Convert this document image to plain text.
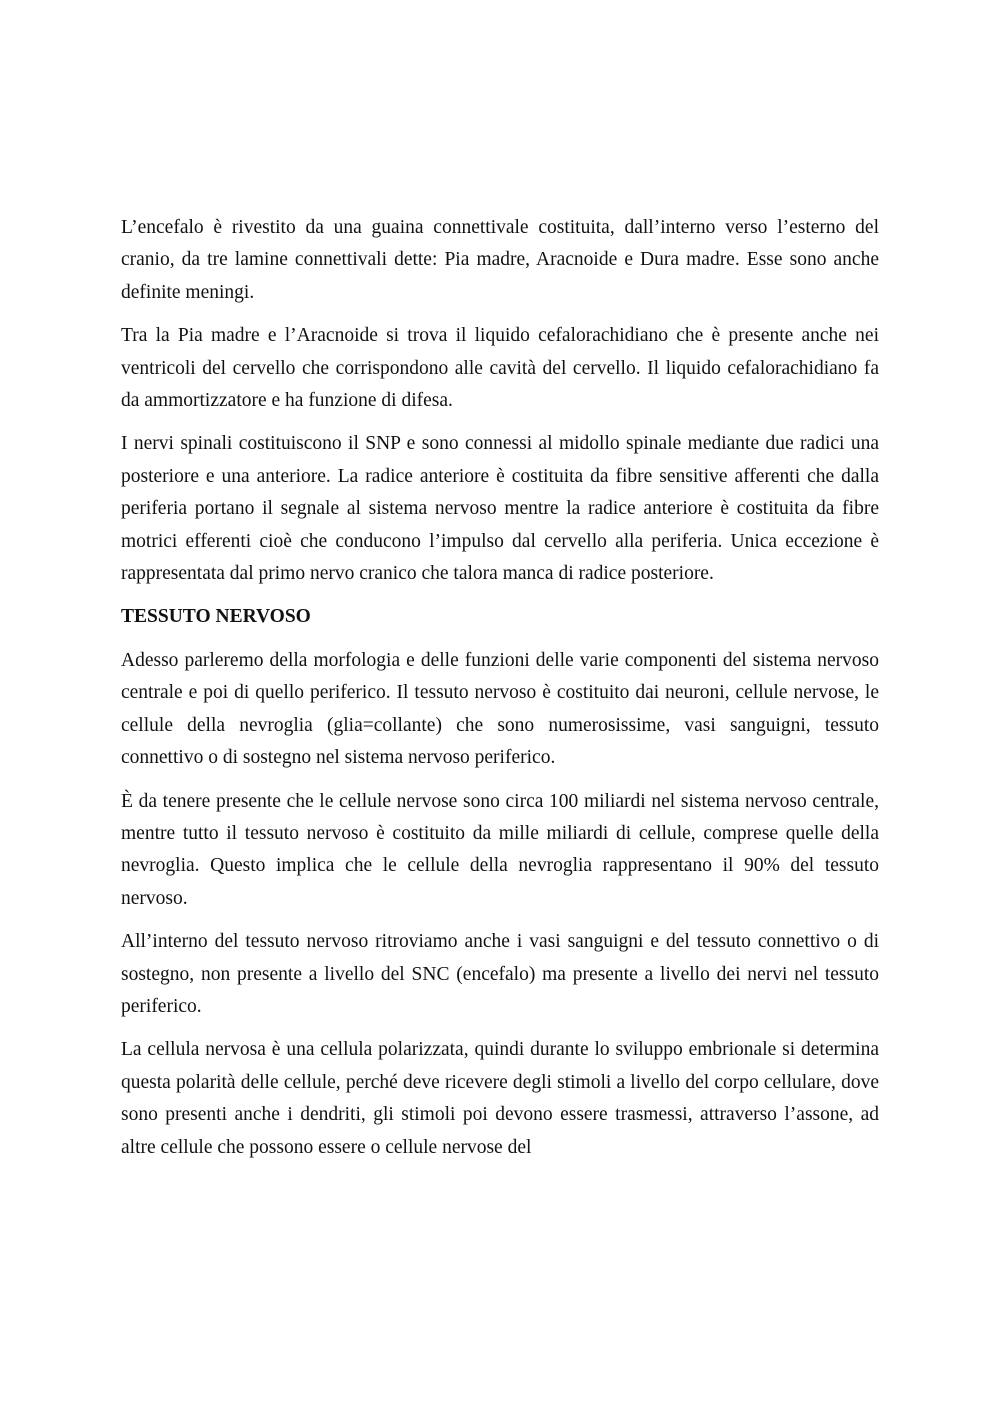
L’encefalo è rivestito da una guaina connettivale costituita, dall’interno verso l’esterno del cranio, da tre lamine connettivali dette: Pia madre, Aracnoide e Dura madre. Esse sono anche definite meningi.

Tra la Pia madre e l’Aracnoide si trova il liquido cefalorachidiano che è presente anche nei ventricoli del cervello che corrispondono alle cavità del cervello. Il liquido cefalorachidiano fa da ammortizzatore e ha funzione di difesa.

I nervi spinali costituiscono il SNP e sono connessi al midollo spinale mediante due radici una posteriore e una anteriore. La radice anteriore è costituita da fibre sensitive afferenti che dalla periferia portano il segnale al sistema nervoso mentre la radice anteriore è costituita da fibre motrici efferenti cioè che conducono l’impulso dal cervello alla periferia. Unica eccezione è rappresentata dal primo nervo cranico che talora manca di radice posteriore.

TESSUTO NERVOSO

Adesso parleremo della morfologia e delle funzioni delle varie componenti del sistema nervoso centrale e poi di quello periferico. Il tessuto nervoso è costituito dai neuroni, cellule nervose, le cellule della nevroglia (glia=collante) che sono numerosissime, vasi sanguigni, tessuto connettivo o di sostegno nel sistema nervoso periferico.

È da tenere presente che le cellule nervose sono circa 100 miliardi nel sistema nervoso centrale, mentre tutto il tessuto nervoso è costituito da mille miliardi di cellule, comprese quelle della nevroglia. Questo implica che le cellule della nevroglia rappresentano il 90% del tessuto nervoso.

All’interno del tessuto nervoso ritroviamo anche i vasi sanguigni e del tessuto connettivo o di sostegno, non presente a livello del SNC (encefalo) ma presente a livello dei nervi nel tessuto periferico.

La cellula nervosa è una cellula polarizzata, quindi durante lo sviluppo embrionale si determina questa polarità delle cellule, perché deve ricevere degli stimoli a livello del corpo cellulare, dove sono presenti anche i dendriti, gli stimoli poi devono essere trasmessi, attraverso l’assone, ad altre cellule che possono essere o cellule nervose del
